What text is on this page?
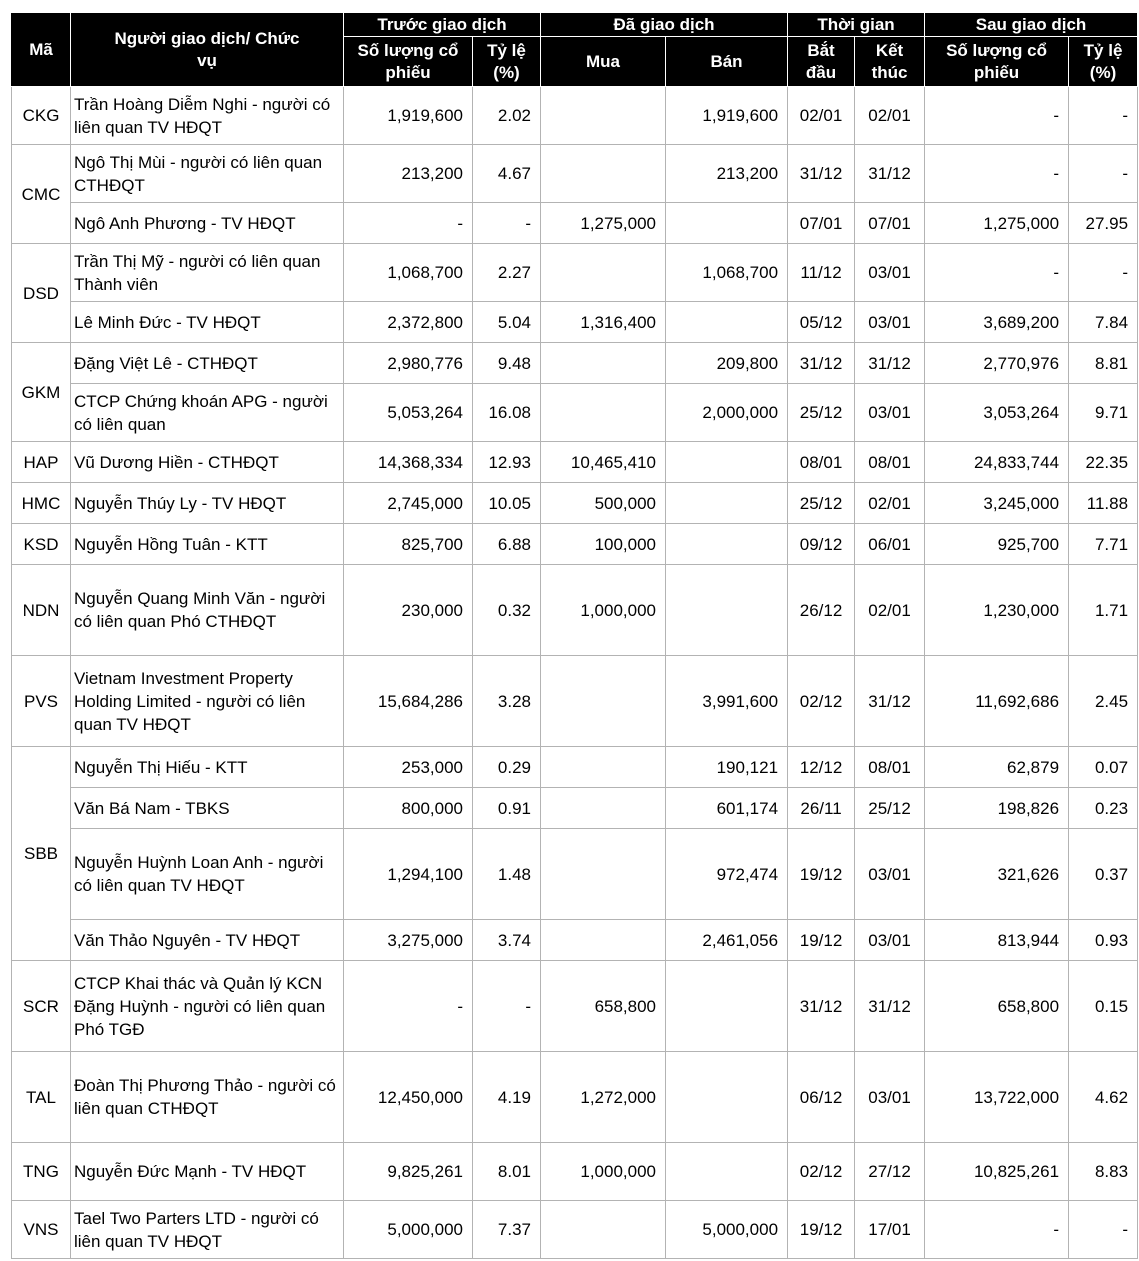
Mã	Người giao dịch/ Chức vụ	Trước giao dịch		Đã giao dịch		Thời gian		Sau giao dịch	
		Số lượng cổ phiếu	Tỷ lệ (%)	Mua	Bán	Bắt đầu	Kết thúc	Số lượng cổ phiếu	Tỷ lệ (%)
CKG	Trần Hoàng Diễm Nghi - người có liên quan TV HĐQT	1,919,600	2.02		1,919,600	02/01	02/01	-	-
CMC	Ngô Thị Mùi - người có liên quan CTHĐQT	213,200	4.67		213,200	31/12	31/12	-	-
	Ngô Anh Phương - TV HĐQT	-	-	1,275,000		07/01	07/01	1,275,000	27.95
DSD	Trần Thị Mỹ - người có liên quan Thành viên	1,068,700	2.27		1,068,700	11/12	03/01	-	-
	Lê Minh Đức - TV HĐQT	2,372,800	5.04	1,316,400		05/12	03/01	3,689,200	7.84
GKM	Đặng Việt Lê - CTHĐQT	2,980,776	9.48		209,800	31/12	31/12	2,770,976	8.81
	CTCP Chứng khoán APG - người có liên quan	5,053,264	16.08		2,000,000	25/12	03/01	3,053,264	9.71
HAP	Vũ Dương Hiền - CTHĐQT	14,368,334	12.93	10,465,410		08/01	08/01	24,833,744	22.35
HMC	Nguyễn Thúy Ly - TV HĐQT	2,745,000	10.05	500,000		25/12	02/01	3,245,000	11.88
KSD	Nguyễn Hồng Tuân - KTT	825,700	6.88	100,000		09/12	06/01	925,700	7.71
NDN	Nguyễn Quang Minh Văn - người có liên quan Phó CTHĐQT	230,000	0.32	1,000,000		26/12	02/01	1,230,000	1.71
PVS	Vietnam Investment Property Holding Limited - người có liên quan TV HĐQT	15,684,286	3.28		3,991,600	02/12	31/12	11,692,686	2.45
SBB	Nguyễn Thị Hiếu - KTT	253,000	0.29		190,121	12/12	08/01	62,879	0.07
	Văn Bá Nam - TBKS	800,000	0.91		601,174	26/11	25/12	198,826	0.23
	Nguyễn Huỳnh Loan Anh - người có liên quan TV HĐQT	1,294,100	1.48		972,474	19/12	03/01	321,626	0.37
	Văn Thảo Nguyên - TV HĐQT	3,275,000	3.74		2,461,056	19/12	03/01	813,944	0.93
SCR	CTCP Khai thác và Quản lý KCN Đặng Huỳnh - người có liên quan Phó TGĐ	-	-	658,800		31/12	31/12	658,800	0.15
TAL	Đoàn Thị Phương Thảo - người có liên quan CTHĐQT	12,450,000	4.19	1,272,000		06/12	03/01	13,722,000	4.62
TNG	Nguyễn Đức Mạnh - TV HĐQT	9,825,261	8.01	1,000,000		02/12	27/12	10,825,261	8.83
VNS	Tael Two Parters LTD - người có liên quan TV HĐQT	5,000,000	7.37		5,000,000	19/12	17/01	-	-
